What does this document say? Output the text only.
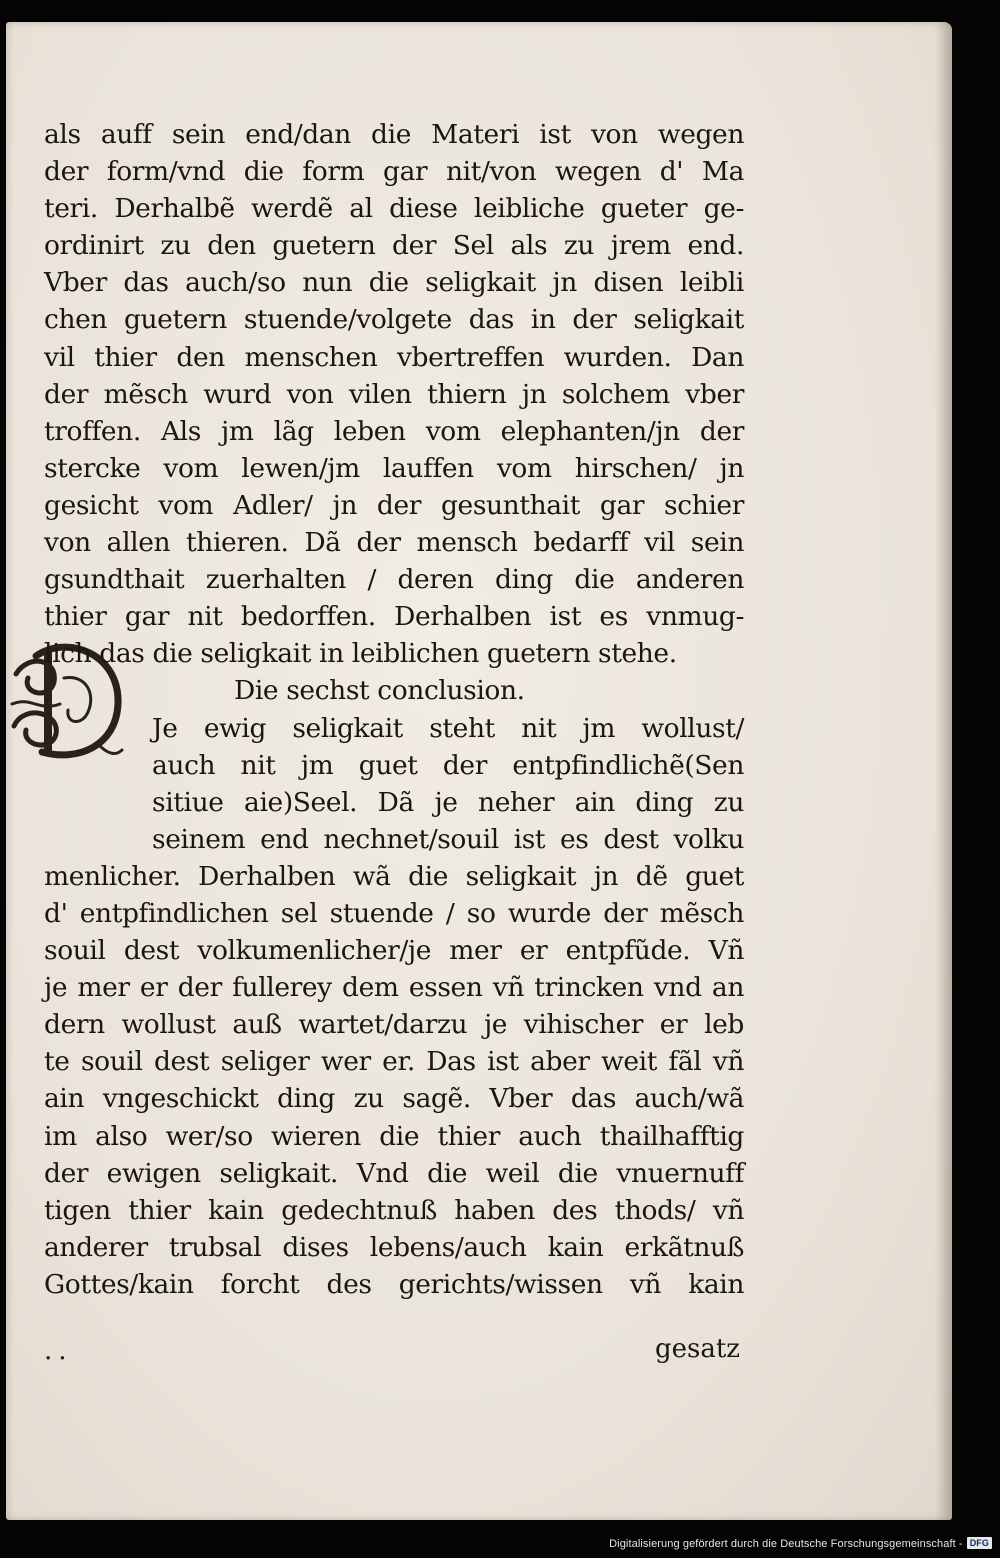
D
als auff sein end/dan die Materi ist von wegen
der form/vnd die form gar nit/von wegen d' Ma
teri. Derhalbẽ werdẽ al diese leibliche gueter ge-
ordinirt zu den guetern der Sel als zu jrem end.
Vber das auch/so nun die seligkait jn disen leibli
chen guetern stuende/volgete das in der seligkait
vil thier den menschen vbertreffen wurden. Dan
der mẽsch wurd von vilen thiern jn solchem vber
troffen. Als jm lãg leben vom elephanten/jn der
stercke vom lewen/jm lauffen vom hirschen/ jn
gesicht vom Adler/ jn der gesunthait gar schier
von allen thieren. Dã der mensch bedarff vil sein
gsundthait zuerhalten / deren ding die anderen
thier gar nit bedorffen. Derhalben ist es vnmug-
lich das die seligkait in leiblichen guetern stehe.
Die sechst conclusion.
Je ewig seligkait steht nit jm wollust/
auch nit jm guet der entpfindlichẽ(Sen
sitiue aie)Seel. Dã je neher ain ding zu
seinem end nechnet/souil ist es dest volku
menlicher. Derhalben wã die seligkait jn dẽ guet
d' entpfindlichen sel stuende / so wurde der mẽsch
souil dest volkumenlicher/je mer er entpfũde. Vñ
je mer er der fullerey dem essen vñ trincken vnd an
dern wollust auß wartet/darzu je vihischer er leb
te souil dest seliger wer er. Das ist aber weit fãl vñ
ain vngeschickt ding zu sagẽ. Vber das auch/wã
im also wer/so wieren die thier auch thailhafftig
der ewigen seligkait. Vnd die weil die vnuernuff
tigen thier kain gedechtnuß haben des thods/ vñ
anderer trubsal dises lebens/auch kain erkãtnuß
Gottes/kain forcht des gerichts/wissen vñ kain
..	gesatz
Digitalisierung gefördert durch die Deutsche Forschungsgemeinschaft - DFG
